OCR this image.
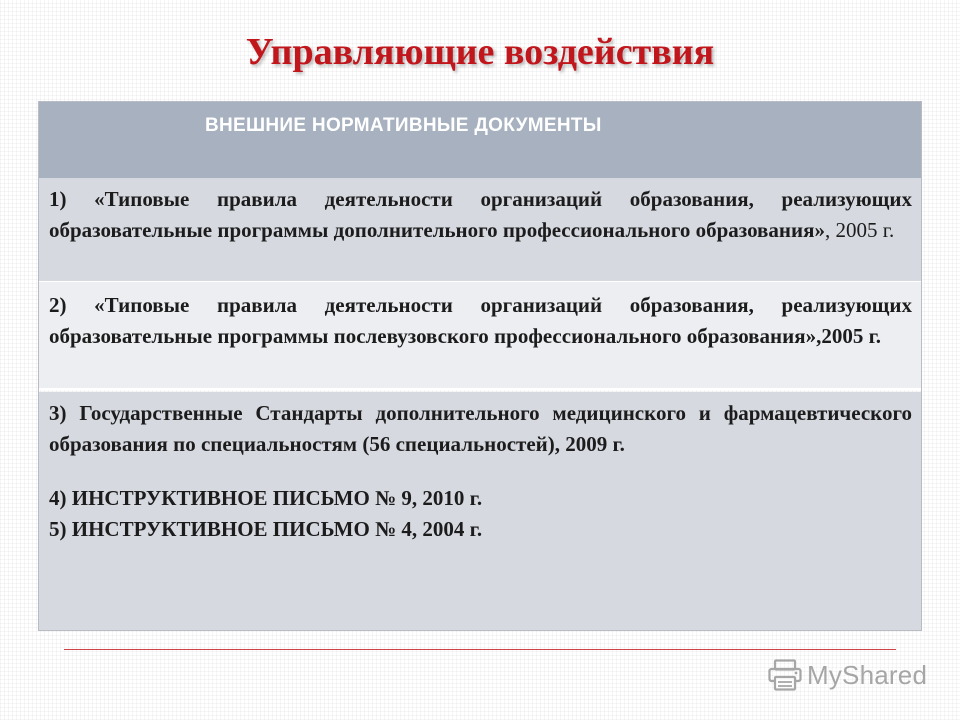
Управляющие воздействия
ВНЕШНИЕ НОРМАТИВНЫЕ ДОКУМЕНТЫ
1) «Типовые правила деятельности организаций образования, реализующих образовательные программы дополнительного профессионального образования», 2005 г.
2) «Типовые правила деятельности организаций образования, реализующих образовательные программы послевузовского профессионального образования»,2005 г.

3) Государственные Стандарты дополнительного медицинского и фармацевтического образования по специальностям (56 специальностей), 2009 г.

4) ИНСТРУКТИВНОЕ ПИСЬМО № 9, 2010 г.

5) ИНСТРУКТИВНОЕ ПИСЬМО № 4, 2004 г.

MyShared
